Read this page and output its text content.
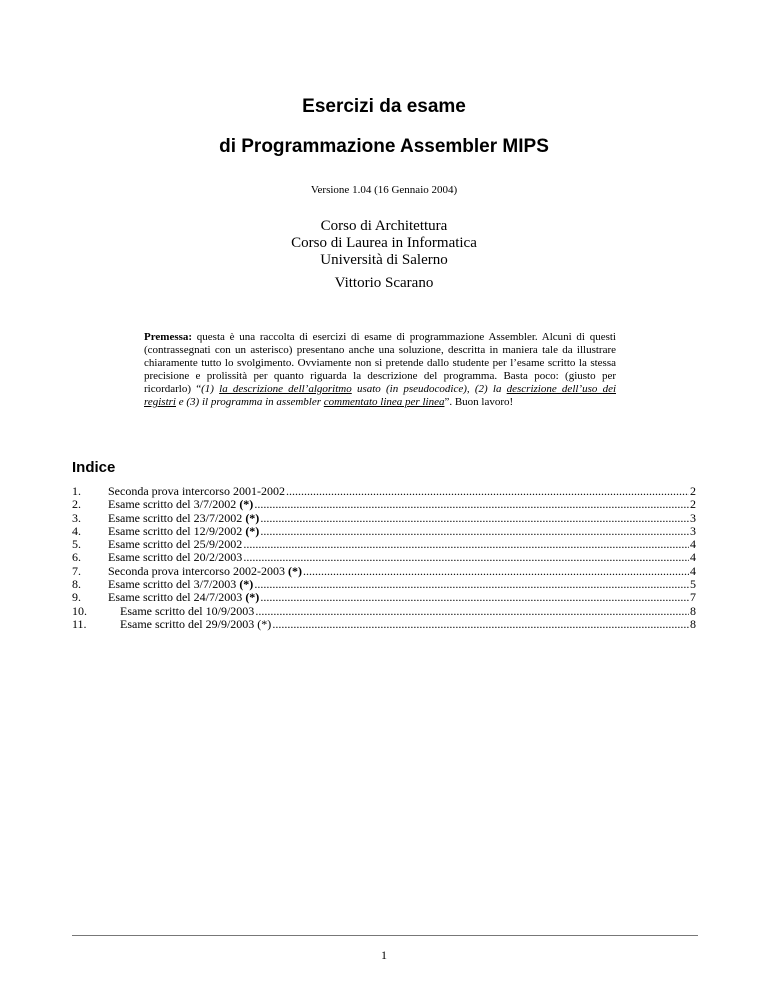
Esercizi da esame
di Programmazione Assembler MIPS
Versione 1.04 (16 Gennaio 2004)
Corso di Architettura
Corso di Laurea in Informatica
Università di Salerno
Vittorio Scarano

Premessa: questa è una raccolta di esercizi di esame di programmazione Assembler. Alcuni di questi (contrassegnati con un asterisco) presentano anche una soluzione, descritta in maniera tale da illustrare chiaramente tutto lo svolgimento. Ovviamente non si pretende dallo studente per l’esame scritto la stessa precisione e prolissità per quanto riguarda la descrizione del programma. Basta poco: (giusto per ricordarlo) “(1) la descrizione dell’algoritmo usato (in pseudocodice), (2) la descrizione dell’uso dei registri e (3) il programma in assembler commentato linea per linea”. Buon lavoro!

Indice
1.	Seconda prova intercorso 2001-2002 .....	2
2.	Esame scritto del 3/7/2002 (*) .....	2
3.	Esame scritto del 23/7/2002 (*) .....	3
4.	Esame scritto del 12/9/2002 (*) .....	3
5.	Esame scritto del 25/9/2002 .....	4
6.	Esame scritto del 20/2/2003 .....	4
7.	Seconda prova intercorso 2002-2003 (*) .....	4
8.	Esame scritto del 3/7/2003 (*) .....	5
9.	Esame scritto del 24/7/2003 (*) .....	7
10.	Esame scritto del 10/9/2003 .....	8
11.	Esame scritto del 29/9/2003 (*) .....	8
1
